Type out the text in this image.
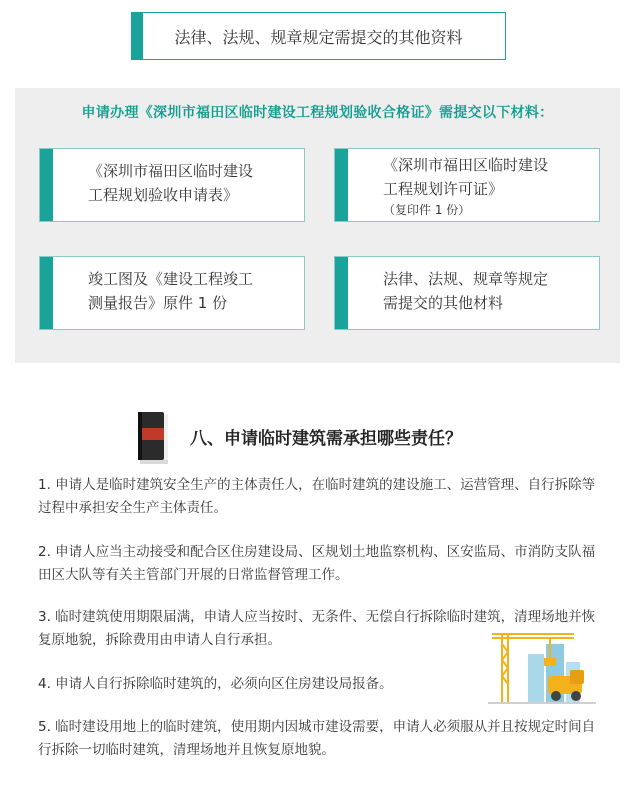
法律、法规、规章规定需提交的其他资料
申请办理《深圳市福田区临时建设工程规划验收合格证》需提交以下材料：
《深圳市福田区临时建设
工程规划验收申请表》
《深圳市福田区临时建设
工程规划许可证》
（复印件 1 份）
竣工图及《建设工程竣工
测量报告》原件 1 份
法律、法规、规章等规定
需提交的其他材料
八、申请临时建筑需承担哪些责任？

1. 申请人是临时建筑安全生产的主体责任人，在临时建筑的建设施工、运营管理、自行拆除等过程中承担安全生产主体责任。

2. 申请人应当主动接受和配合区住房建设局、区规划土地监察机构、区安监局、市消防支队福田区大队等有关主管部门开展的日常监督管理工作。

3. 临时建筑使用期限届满，申请人应当按时、无条件、无偿自行拆除临时建筑，清理场地并恢复原地貌，拆除费用由申请人自行承担。

4. 申请人自行拆除临时建筑的，必须向区住房建设局报备。

5. 临时建设用地上的临时建筑，使用期内因城市建设需要，申请人必须服从并且按规定时间自行拆除一切临时建筑，清理场地并且恢复原地貌。
